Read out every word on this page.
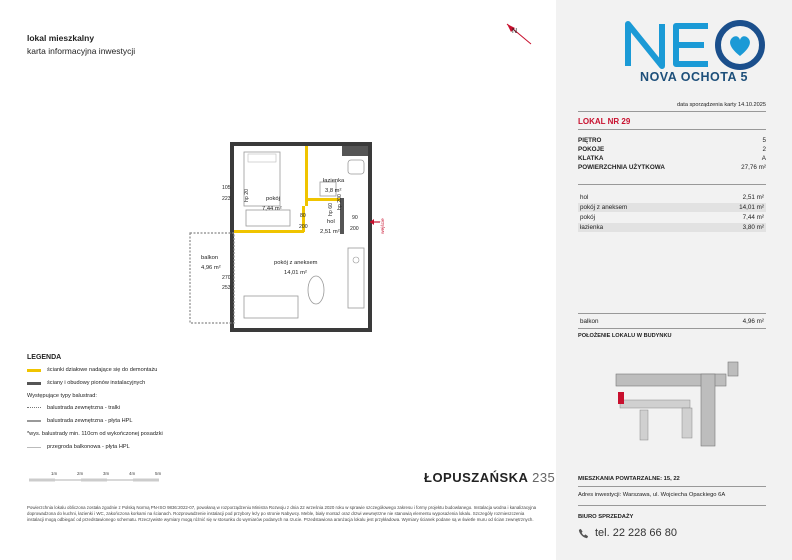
lokal mieszkalny
karta informacyjna inwestycji
N
wejście
pokój
7,44 m²
łazienka
3,8 m²
hol
2,51 m²
pokój z aneksem
14,01 m²
balkon
4,96 m²
105
223	hp 20
80
200
hp 60
90
200
hp 200
270
253
LEGENDA
ścianki działowe nadające się do demontażu
ściany i obudowy pionów instalacyjnych
Występujące typy balustrad:
balustrada zewnętrzna - tralki
balustrada zewnętrzna - płyta HPL
*wys. balustrady min. 110cm od wykończonej posadzki
przegroda balkonowa - płyta HPL
1m	2m	3m	4m	5m	ŁOPUSZAŃSKA 235
Powierzchnia lokalu obliczona została zgodnie z Polską Normą PN-ISO 9836:2022-07, powołaną w rozporządzeniu Ministra Rozwoju z dnia 22 września 2020 roku w sprawie szczegółowego zakresu i formy projektu budowlanego. Instalacja wodna i kanalizacyjna doprowadzona do kuchni, łazienki i WC, zakończona korkami na ścianach. Rozprowadzenie instalacji pod przybory leży po stronie Nabywcy. Meble, biały montaż oraz drzwi wewnętrzne nie stanowią elementu wyposażenia lokalu. Szczegóły rozmieszczenia instalacji mogą odbiegać od przedstawionego schematu. Rzeczywiste wymiary mogą różnić się w stosunku do wymiarów podanych na rzucie. Przedstawiona aranżacja lokalu jest przykładowa. Wymiary ścianek podane są w świetle muru od ścian zewnętrznych.
NOVA OCHOTA 5
data sporządzenia karty 14.10.2025
LOKAL NR 29
PIĘTRO	5
POKOJE	2
KLATKA	A
POWIERZCHNIA UŻYTKOWA	27,76 m²
hol	2,51 m²
pokój z aneksem	14,01 m²
pokój	7,44 m²
łazienka	3,80 m²
balkon	4,96 m²
POŁOŻENIE LOKALU W BUDYNKU
MIESZKANIA POWTARZALNE: 15, 22
Adres inwestycji: Warszawa, ul. Wojciecha Opackiego 6A
BIURO SPRZEDAŻY
tel. 22 228 66 80
